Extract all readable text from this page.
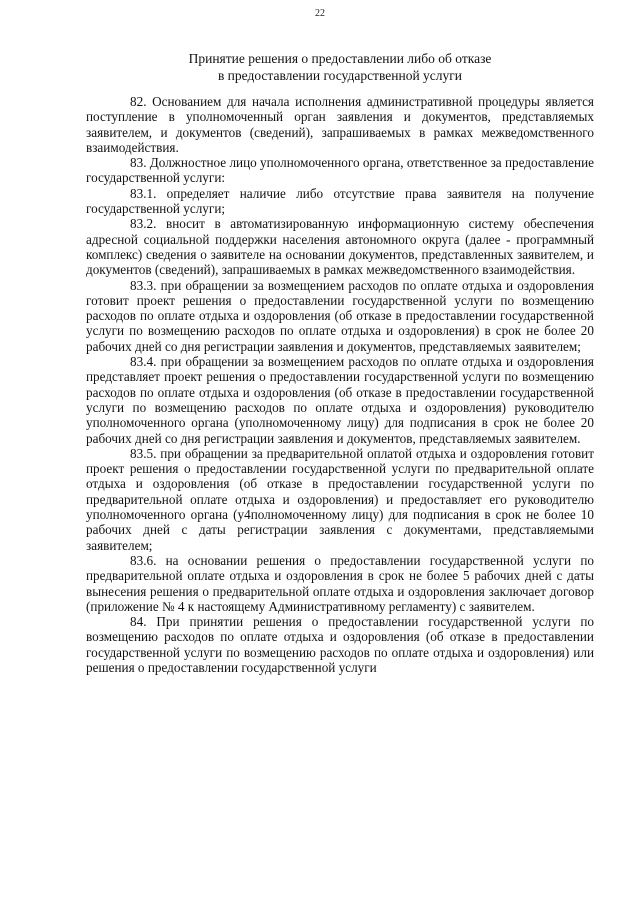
22
Принятие решения о предоставлении либо об отказе
в предоставлении государственной услуги

82. Основанием для начала исполнения административной процедуры является поступление в уполномоченный орган заявления и документов, представляемых заявителем, и документов (сведений), запрашиваемых в рамках межведомственного взаимодействия.

83. Должностное лицо уполномоченного органа, ответственное за предоставление государственной услуги:

83.1. определяет наличие либо отсутствие права заявителя на получение государственной услуги;

83.2. вносит в автоматизированную информационную систему обеспечения адресной социальной поддержки населения автономного округа (далее - программный комплекс) сведения о заявителе на основании документов, представленных заявителем, и документов (сведений), запрашиваемых в рамках межведомственного взаимодействия.

83.3. при обращении за возмещением расходов по оплате отдыха и оздоровления готовит проект решения о предоставлении государственной услуги по возмещению расходов по оплате отдыха и оздоровления (об отказе в предоставлении государственной услуги по возмещению расходов по оплате отдыха и оздоровления) в срок не более 20 рабочих дней со дня регистрации заявления и документов, представляемых заявителем;

83.4. при обращении за возмещением расходов по оплате отдыха и оздоровления представляет проект решения о предоставлении государственной услуги по возмещению расходов по оплате отдыха и оздоровления (об отказе в предоставлении государственной услуги по возмещению расходов по оплате отдыха и оздоровления) руководителю уполномоченного органа (уполномоченному лицу) для подписания в срок не более 20 рабочих дней со дня регистрации заявления и документов, представляемых заявителем.

83.5. при обращении за предварительной оплатой отдыха и оздоровления готовит проект решения о предоставлении государственной услуги по предварительной оплате отдыха и оздоровления (об отказе в предоставлении государственной услуги по предварительной оплате отдыха и оздоровления) и предоставляет его руководителю уполномоченного органа (у4полномоченному лицу) для подписания в срок не более 10 рабочих дней с даты регистрации заявления с документами, представляемыми заявителем;

83.6. на основании решения о предоставлении государственной услуги по предварительной оплате отдыха и оздоровления в срок не более 5 рабочих дней с даты вынесения решения о предварительной оплате отдыха и оздоровления заключает договор (приложение № 4 к настоящему Административному регламенту) с заявителем.

84. При принятии решения о предоставлении государственной услуги по возмещению расходов по оплате отдыха и оздоровления (об отказе в предоставлении государственной услуги по возмещению расходов по оплате отдыха и оздоровления) или решения о предоставлении государственной услуги
